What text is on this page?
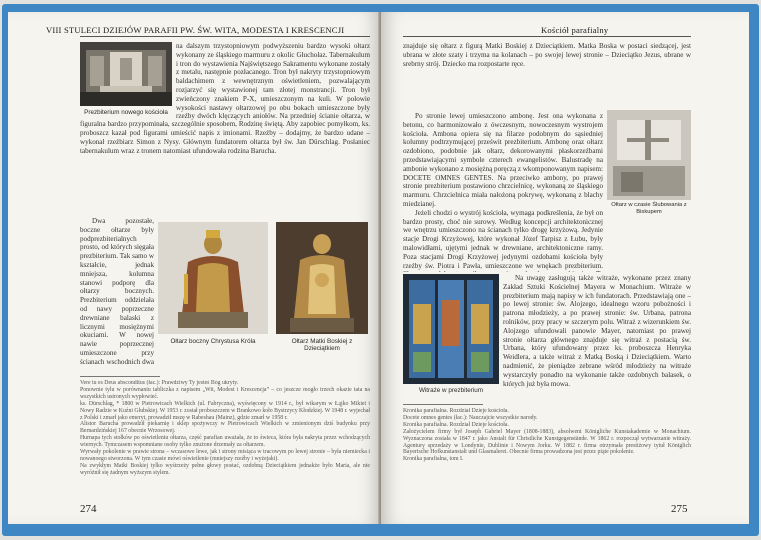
VIII STULECI DZIEJÓW PARAFII PW. ŚW. WITA, MODESTA I KRESCENCJI
Prezbiterium nowego kościoła

na dalszym trzystopniowym podwyższeniu bardzo wysoki ołtarz wykonany ze śląskiego marmuru z okolic Głuchołaz. Tabernakulum i tron do wystawienia Najświętszego Sakramentu wykonane zostały z metalu, następnie pozłacanego. Tron był nakryty trzystopniowym baldachimem z wewnętrznym oświetleniem, pozwalającym rozjarzyć się wystawionej tam złotej monstrancji. Tron był zwieńczony znakiem P-X, umieszczonym na kuli. W połowie wysokości nastawy ołtarzowej po obu bokach umieszczone były rzeźby dwóch klęczących aniołów. Na przedniej ścianie ołtarza, w

figuralna bardzo przypominała, szczególnie sposobem, Rodzinę świętą. Aby zapobiec pomyłkom, ks. proboszcz kazał pod figurami umieścić napis z imionami. Rzeźby – dodajmy, że bardzo udane – wykonał rzeźbiarz Simon z Nysy. Głównym fundatorem ołtarza był św. Jan Dürschlag. Posłaniec tabernakulum wraz z tronem natomiast ufundowała rodzina Barucha.

Dwa pozostałe, boczne ołtarze były podprezbiterialnych prosto, od których sięgała prezbiterium. Tak samo w kształcie, jednak mniejsza, kolumna stanowi podporę dla ołtarzy bocznych. Prezbiterium oddzielała od nawy poprzeczne drewniane balaski z licznymi mosiężnymi okuciami. W nowej nawie poprzecznej umieszczone przy ścianach wschodnich dwa

Ołtarz boczny Chrystusa Króla	Ołtarz Matki Boskiej z Dzieciątkiem
Vere tu es Deus absconditus (łac.): Prawdziwy Ty jesteś Bóg ukryty.
Ponownie tylu w porównaniu tabliczka z napisem „Wit, Modest i Krescencja” – co jeszcze mogło trzech okazie tata na wszystkich ustronych wypłowieć.
ks. Dürschlag, * 1800 w Pietrowicach Wielkich (ul. Fabryczna), wyświęcony w 1914 r., był wikarym w Łąjko Mikiet i Nowy Radzie w Kuźni Głubskiej. W 1953 r. został proboszczem w Brankowo koło Bystrzycy Kłodzkiej. W 1948 r. wyjechał z Polski i zmarł jako emeryt, prowadził mszę w Rabeshau (Mainz), gdzie zmarł w 1958 r.
Alistor Barucha prowadził piekarnię i sklep spożywczy w Pietrowicach Wielkich w zmienionym dziś budynku przy Bernardzińskiej 167 obecnie Wrzosowej.
Hurnapa tych stołków po oświetleniu ołtarza, część parafian uważała, że to świeca, która była nakryta przez wchodzących wiernych. Tymczasem wspomniane osoby tylko znużone drzemały za ołtarzem.
Wyrwały pokolenie w prawie strona – wczasowe lewe, jak i strony misiąca w tracowym po lewej stronie – była niemiecka i nowanoego stworzona. W tym czasie mówi oświetlenie (mniejszy rzeźby i wyżejaki).
Na zwykłym Matki Boskiej tylko wyśtrzeży pełne głowy postać, ozdobną Dzieciątkiem jednakże było Maria, ale nie wyróżnił się żadnym wyższym stylem.
274
Kościół parafialny

znajduje się ołtarz z figurą Matki Boskiej z Dzieciątkiem. Matka Boska w postaci siedzącej, jest ubrana w złote szaty i trzyma na kolanach – po swojej lewej stronie – Dzieciątko Jezus, ubrane w srebrny strój. Dziecko ma rozpostarte ręce.

Ołtarz w czasie Ślubowania z Biskupem

Po stronie lewej umieszczono ambonę. Jest ona wykonana z betonu, co harmonizowało z ówczesnym, nowoczesnym wystrojem kościoła. Ambona opiera się na filarze podobnym do sąsiedniej kolumny podtrzymującej prześwit prezbiterium. Ambonę oraz ołtarz ozdobiono, podobnie jak ołtarz, dekorowanymi płaskorzeźbami przedstawiającymi symbole czterech ewangelistów. Balustradę na ambonie wykonano z mosiężną poręczą z wkomponowanym napisem: DOCETE OMNES GENTES. Na przeciwko ambony, po prawej stronie prezbiterium postawiono chrzcielnicę, wykonaną ze śląskiego marmuru. Chrzcielnica miała nałożoną pokrywę, wykonaną z blachy miedzianej.

Jeżeli chodzi o wystrój kościoła, wymaga podkreślenia, że był on bardzo prosty, choć nie surowy. Według koncepcji architektonicznej we wnętrzu umieszczono na ścianach tylko drogę krzyżową. Jedynie stacje Drogi Krzyżowej, które wykonał Józef Tarpisz z Łubu, były malowidłami, ujętymi jednak w drewniane, architektoniczne ramy. Poza stacjami Drogi Krzyżowej jedynymi ozdobami kościoła były rzeźby św. Piotra i Pawła, umieszczone we wnękach prezbiterium.

Witraże w prezbiterium

Na uwagę zasługują także witraże, wykonane przez znany Zakład Sztuki Kościelnej Mayera w Monachium. Witraże w prezbiterium mają napisy w ich fundatorach. Przedstawiają one – po lewej stronie: św. Alojzego, idealnego wzoru pobożności i patrona młodzieży, a po prawej stronie: św. Urbana, patrona rolników, przy pracy w szczerym polu. Witraż z wizerunkiem św. Alojzego ufundowali panowie Mayer, natomiast po prawej stronie ołtarza głównego znajduje się witraż z postacią św. Urbana, który ufundowany przez ks. proboszcza Henryka Weidlera, a także witraż z Matką Boską i Dzieciątkiem. Warto nadmienić, że pieniądze zebrane wśród młodzieży na witraże wystarczyły ponadto na wykonanie także ozdobnych balasek, o których już była mowa.

Kronika parafialna. Rozdział Dzieje kościoła.
Docete omnes gentes (łac.): Nauczajcie wszystkie narody.
Kronika parafialna. Rozdział Dzieje kościoła.
Założycielem firmy był Joseph Gabriel Mayer (1808-1883), absolwent Königliche Kunstakademie w Monachium. Wyznaczona została w 1847 r. jako Anstalt für Christliche Kunstgegenstände. W 1862 r. rozpoczął wytwarzanie witraży. Agentury sprzedaży w Londynie, Dublinie i Nowym Jorku. W 1882 r. firma otrzymała prestiżowy tytuł Königlich Bayerische Hofkunstanstalt und Glasmalerei. Obecnie firma prowadzona jest przez piąte pokolenie.
Kronika parafialna, tom I.
275
